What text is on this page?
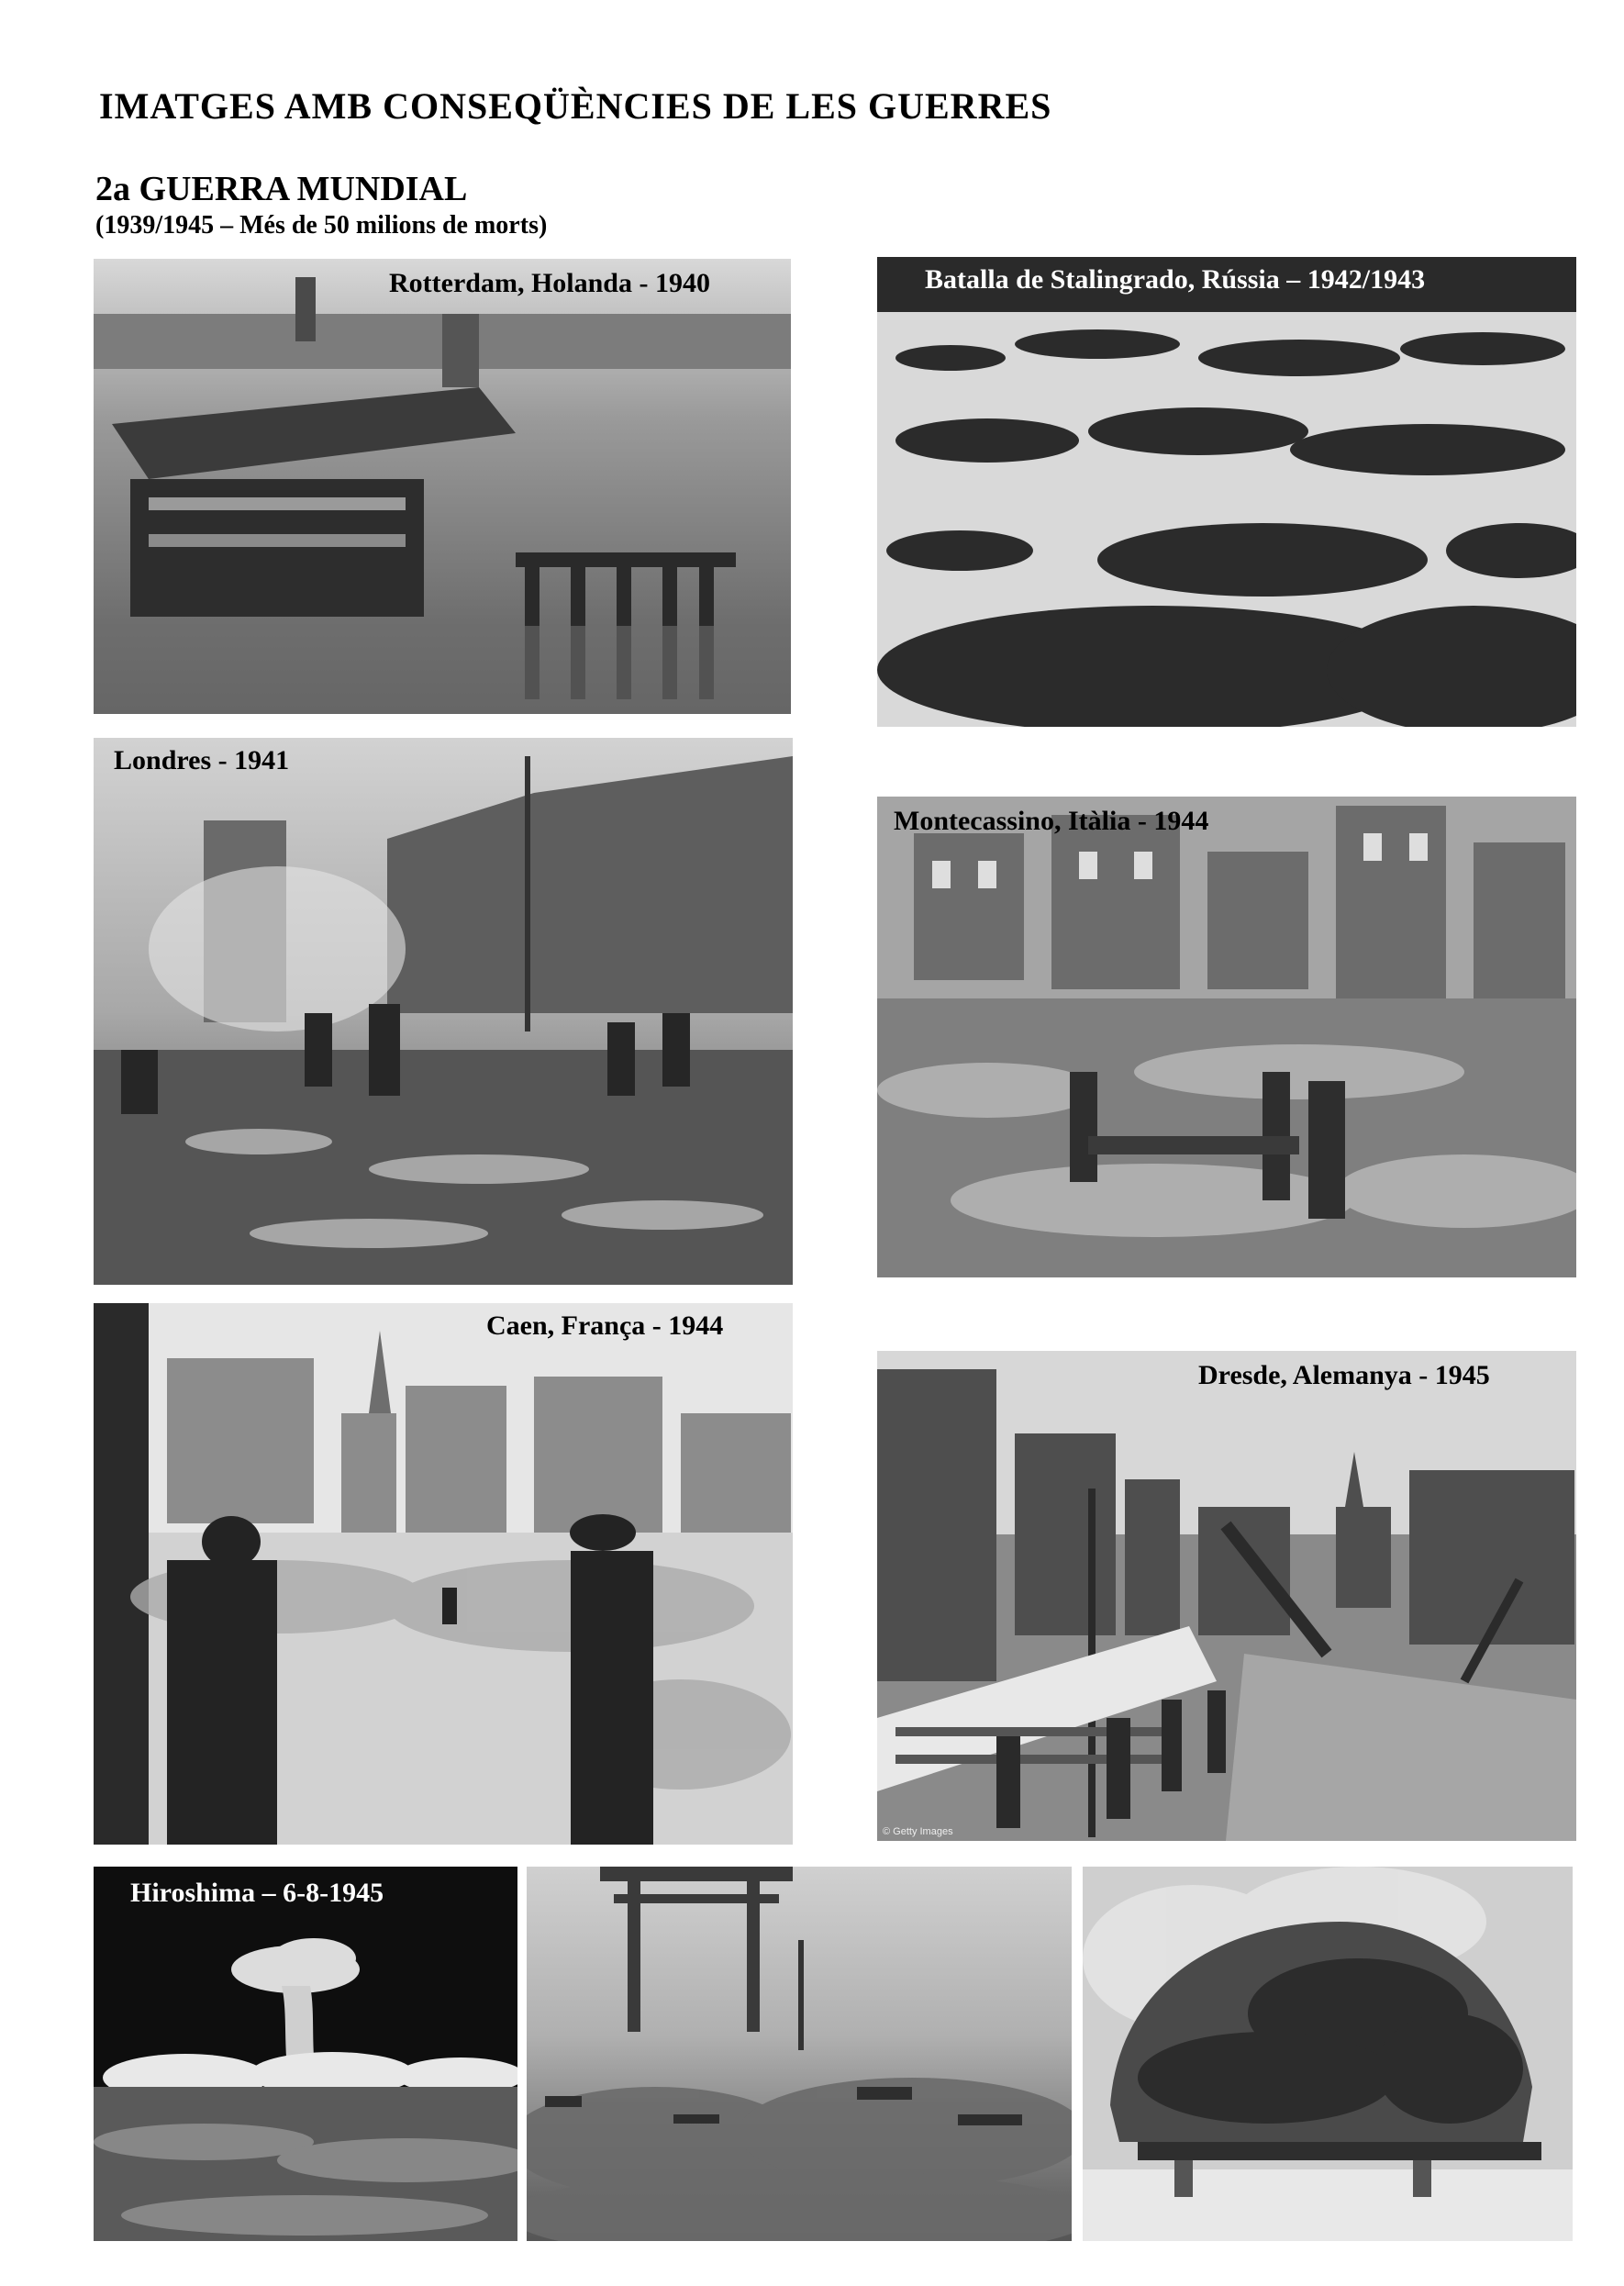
IMATGES AMB CONSEQÜÈNCIES DE LES GUERRES
2a GUERRA MUNDIAL
(1939/1945 – Més de 50 milions de morts)
Rotterdam, Holanda - 1940	Batalla de Stalingrado, Rússia – 1942/1943
Londres - 1941
Montecassino, Itàlia - 1944
Caen, França - 1944
Dresde, Alemanya - 1945
© Getty Images
Hiroshima – 6-8-1945
